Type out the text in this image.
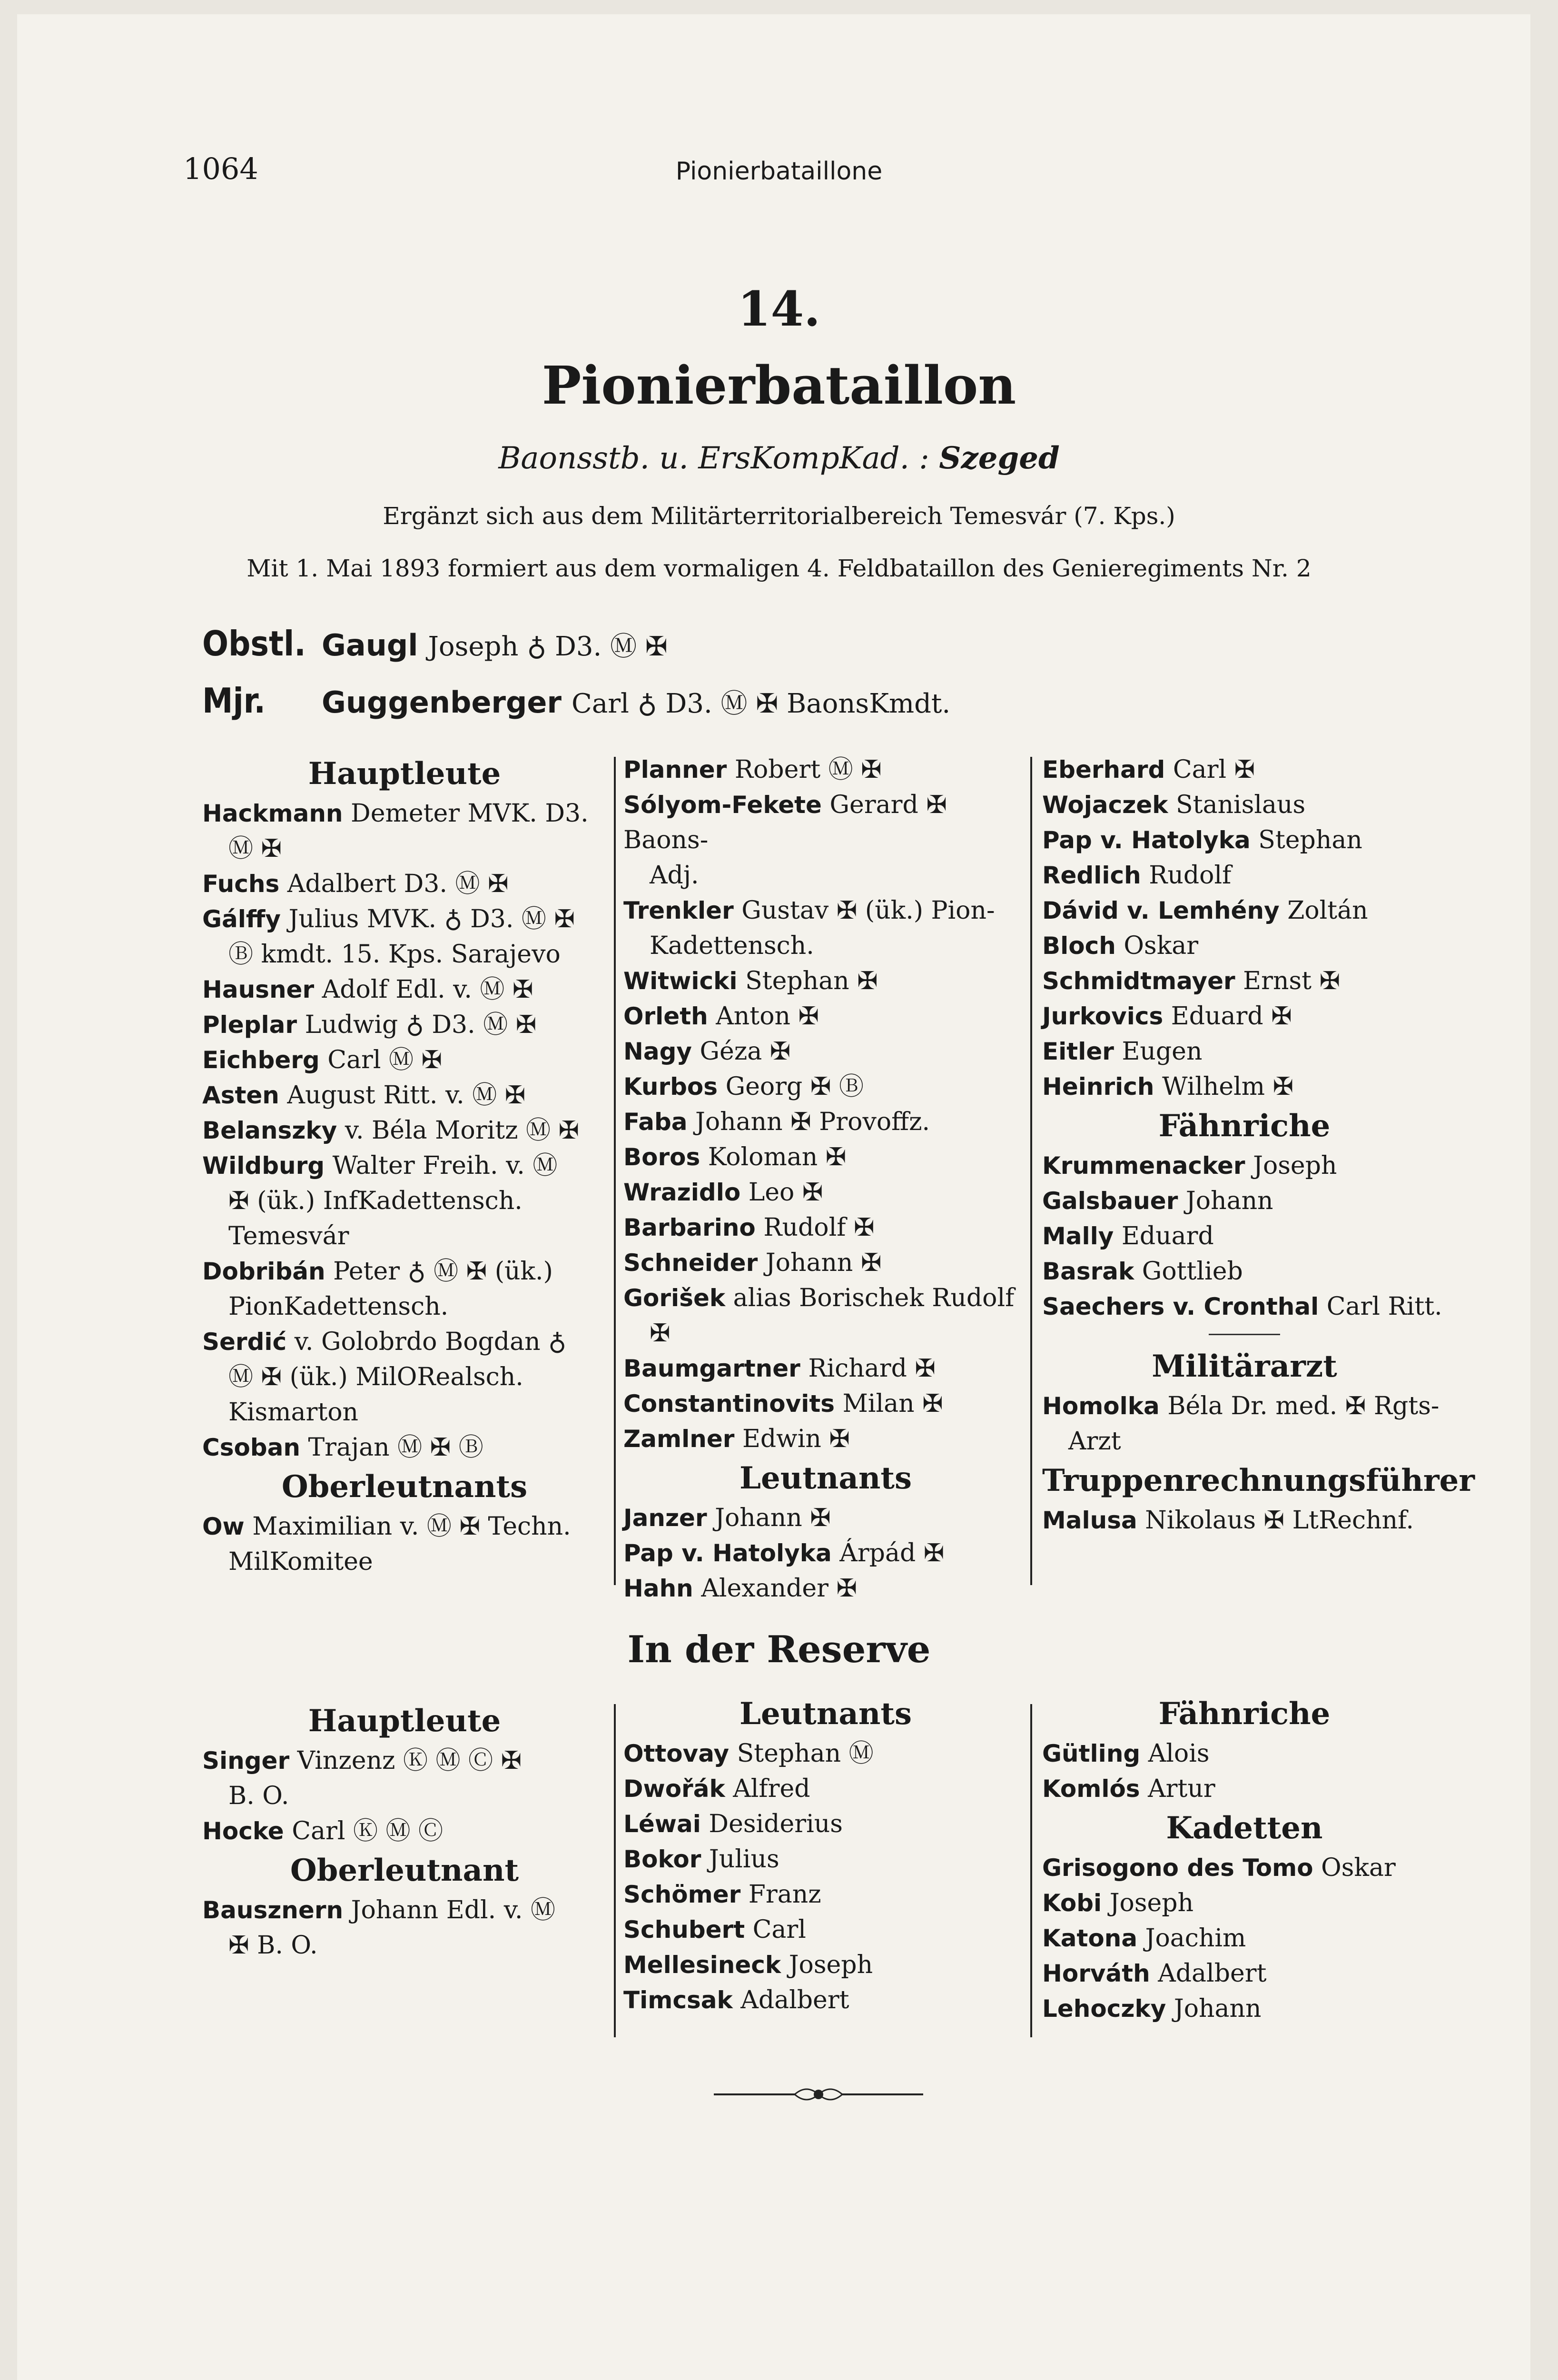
1064	Pionierbataillone
14.
Pionierbataillon
Baonsstb. u. ErsKompKad. : Szeged
Ergänzt sich aus dem Militärterritorialbereich Temesvár (7. Kps.)
Mit 1. Mai 1893 formiert aus dem vormaligen 4. Feldbataillon des Genieregiments Nr. 2
Obstl. Gaugl Joseph ♁ D3. Ⓜ ✠
Mjr. Guggenberger Carl ♁ D3. Ⓜ ✠ BaonsKmdt.
Hauptleute
Hackmann Demeter MVK. D3.
Ⓜ ✠
Fuchs Adalbert D3. Ⓜ ✠
Gálffy Julius MVK. ♁ D3. Ⓜ ✠
Ⓑ kmdt. 15. Kps. Sarajevo
Hausner Adolf Edl. v. Ⓜ ✠
Pleplar Ludwig ♁ D3. Ⓜ ✠
Eichberg Carl Ⓜ ✠
Asten August Ritt. v. Ⓜ ✠
Belanszky v. Béla Moritz Ⓜ ✠
Wildburg Walter Freih. v. Ⓜ
✠ (ük.) InfKadettensch.
Temesvár
Dobribán Peter ♁ Ⓜ ✠ (ük.)
PionKadettensch.
Serdić v. Golobrdo Bogdan ♁
Ⓜ ✠ (ük.) MilORealsch.
Kismarton
Csoban Trajan Ⓜ ✠ Ⓑ
Oberleutnants
Ow Maximilian v. Ⓜ ✠ Techn.
MilKomitee
Planner Robert Ⓜ ✠
Sólyom-Fekete Gerard ✠ Baons-
Adj.
Trenkler Gustav ✠ (ük.) Pion-
Kadettensch.
Witwicki Stephan ✠
Orleth Anton ✠
Nagy Géza ✠
Kurbos Georg ✠ Ⓑ
Faba Johann ✠ Provoffz.
Boros Koloman ✠
Wrazidlo Leo ✠
Barbarino Rudolf ✠
Schneider Johann ✠
Gorišek alias Borischek Rudolf
✠
Baumgartner Richard ✠
Constantinovits Milan ✠
Zamlner Edwin ✠
Leutnants
Janzer Johann ✠
Pap v. Hatolyka Árpád ✠
Hahn Alexander ✠
Eberhard Carl ✠
Wojaczek Stanislaus
Pap v. Hatolyka Stephan
Redlich Rudolf
Dávid v. Lemhény Zoltán
Bloch Oskar
Schmidtmayer Ernst ✠
Jurkovics Eduard ✠
Eitler Eugen
Heinrich Wilhelm ✠
Fähnriche
Krummenacker Joseph
Galsbauer Johann
Mally Eduard
Basrak Gottlieb
Saechers v. Cronthal Carl Ritt.
Militärarzt
Homolka Béla Dr. med. ✠ Rgts-
Arzt
Truppenrechnungsführer
Malusa Nikolaus ✠ LtRechnf.
In der Reserve
Hauptleute
Singer Vinzenz Ⓚ Ⓜ Ⓒ ✠
B. O.
Hocke Carl Ⓚ Ⓜ Ⓒ
Oberleutnant
Bausznern Johann Edl. v. Ⓜ
✠ B. O.
Leutnants
Ottovay Stephan Ⓜ
Dwořák Alfred
Léwai Desiderius
Bokor Julius
Schömer Franz
Schubert Carl
Mellesineck Joseph
Timcsak Adalbert
Fähnriche
Gütling Alois
Komlós Artur
Kadetten
Grisogono des Tomo Oskar
Kobi Joseph
Katona Joachim
Horváth Adalbert
Lehoczky Johann
